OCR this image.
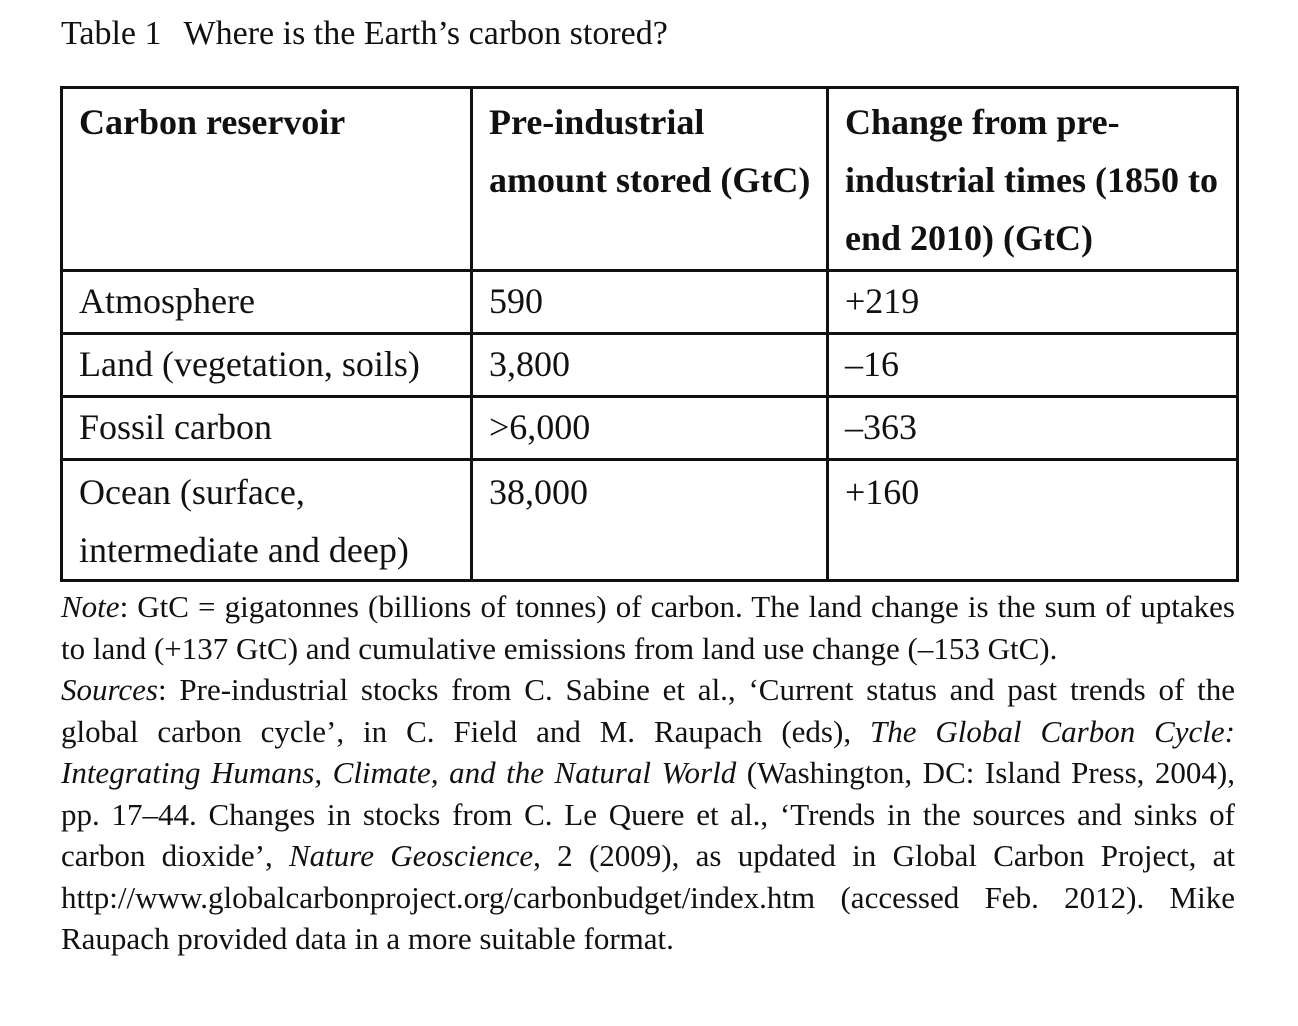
Table 1 Where is the Earth’s carbon stored?
Carbon reservoir	Pre-industrial amount stored (GtC)	Change from pre-industrial times (1850 to end 2010) (GtC)
Atmosphere	590	+219
Land (vegetation, soils)	3,800	–16
Fossil carbon	>6,000	–363
Ocean (surface, intermediate and deep)	38,000	+160

Note: GtC = gigatonnes (billions of tonnes) of carbon. The land change is the sum of uptakes to land (+137 GtC) and cumulative emissions from land use change (–153 GtC).

Sources: Pre-industrial stocks from C. Sabine et al., ‘Current status and past trends of the global carbon cycle’, in C. Field and M. Raupach (eds), The Global Carbon Cycle: Integrating Humans, Climate, and the Natural World (Washington, DC: Island Press, 2004), pp. 17–44. Changes in stocks from C. Le Quere et al., ‘Trends in the sources and sinks of carbon dioxide’, Nature Geoscience, 2 (2009), as updated in Global Carbon Project, at http://www.globalcarbonproject.org/carbonbudget/index.htm (accessed Feb. 2012). Mike Raupach provided data in a more suitable format.
